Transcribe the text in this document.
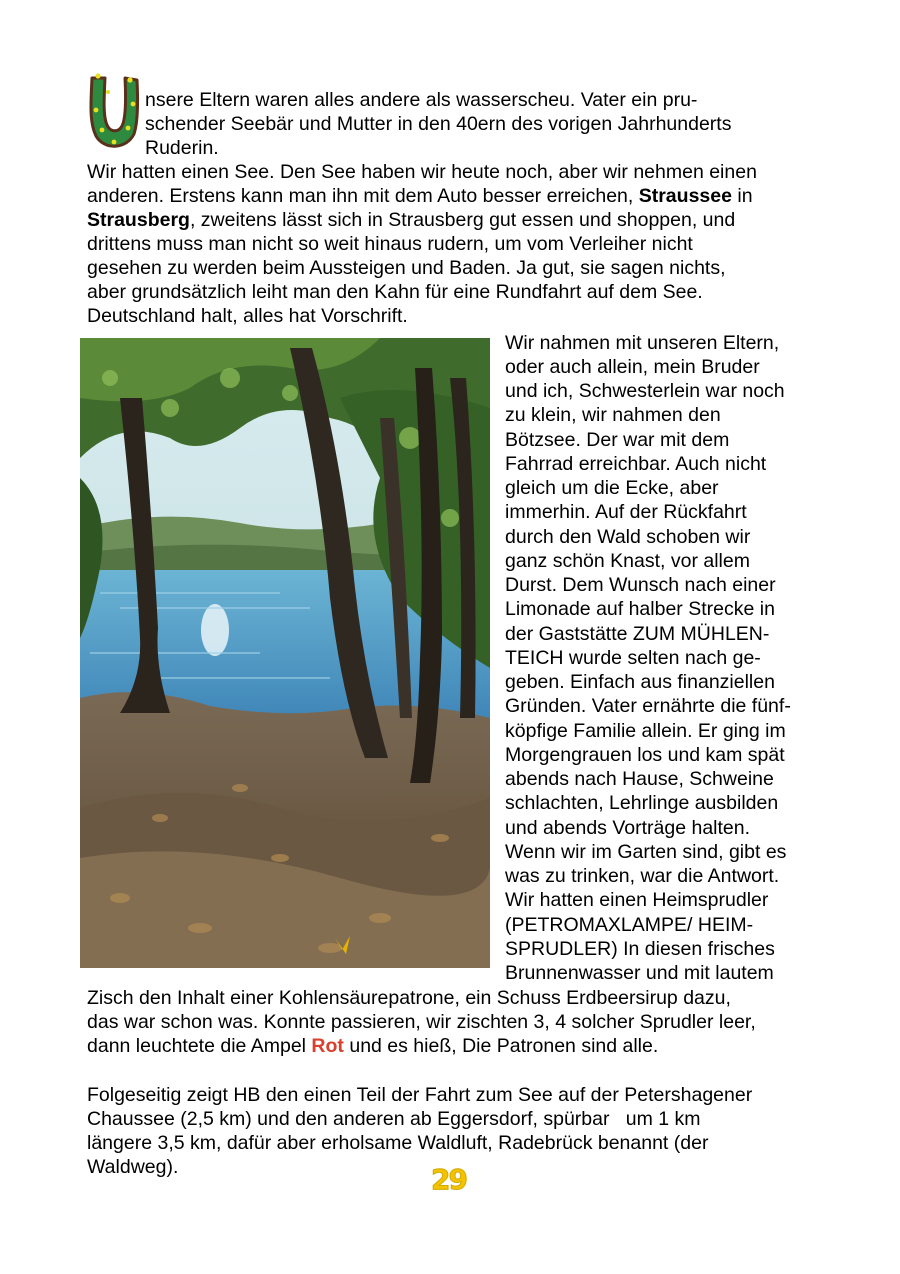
nsere Eltern waren alles andere als wasserscheu. Vater ein pru-
schender Seebär und Mutter in den 40ern des vorigen Jahrhunderts
Ruderin.
Wir hatten einen See. Den See haben wir heute noch, aber wir nehmen einen
anderen. Erstens kann man ihn mit dem Auto besser erreichen, Straussee in
Strausberg, zweitens lässt sich in Strausberg gut essen und shoppen, und
drittens muss man nicht so weit hinaus rudern, um vom Verleiher nicht
gesehen zu werden beim Aussteigen und Baden. Ja gut, sie sagen nichts,
aber grundsätzlich leiht man den Kahn für eine Rundfahrt auf dem See.
Deutschland halt, alles hat Vorschrift.
Wir nahmen mit unseren Eltern,
oder auch allein, mein Bruder
und ich, Schwesterlein war noch
zu klein, wir nahmen den
Bötzsee. Der war mit dem
Fahrrad erreichbar. Auch nicht
gleich um die Ecke, aber
immerhin. Auf der Rückfahrt
durch den Wald schoben wir
ganz schön Knast, vor allem
Durst. Dem Wunsch nach einer
Limonade auf halber Strecke in
der Gaststätte ZUM MÜHLEN-
TEICH wurde selten nach ge-
geben. Einfach aus finanziellen
Gründen. Vater ernährte die fünf-
köpfige Familie allein. Er ging im
Morgengrauen los und kam spät
abends nach Hause, Schweine
schlachten, Lehrlinge ausbilden
und abends Vorträge halten.
Wenn wir im Garten sind, gibt es
was zu trinken, war die Antwort.
Wir hatten einen Heimsprudler
(PETROMAXLAMPE/ HEIM-
SPRUDLER) In diesen frisches
Brunnenwasser und mit lautem
Zisch den Inhalt einer Kohlensäurepatrone, ein Schuss Erdbeersirup dazu,
das war schon was. Konnte passieren, wir zischten 3, 4 solcher Sprudler leer,
dann leuchtete die Ampel Rot und es hieß, Die Patronen sind alle.
Folgeseitig zeigt HB den einen Teil der Fahrt zum See auf der Petershagener
Chaussee (2,5 km) und den anderen ab Eggersdorf, spürbar   um 1 km
längere 3,5 km, dafür aber erholsame Waldluft, Radebrück benannt (der
Waldweg).	29
